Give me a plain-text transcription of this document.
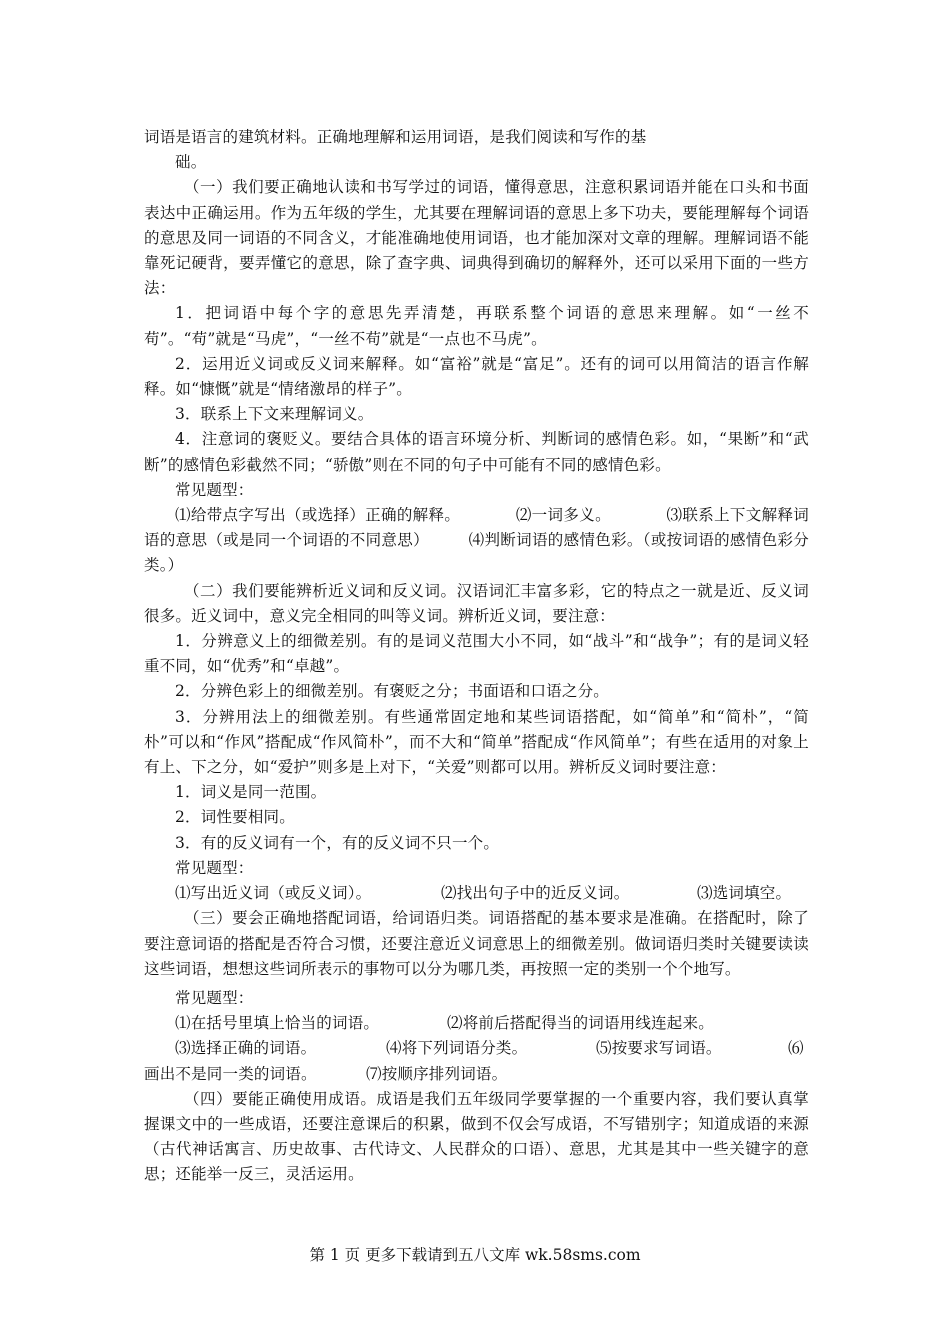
词语是语言的建筑材料。正确地理解和运用词语，是我们阅读和写作的基

础。

（一）我们要正确地认读和书写学过的词语，懂得意思，注意积累词语并能在口头和书面表达中正确运用。作为五年级的学生，尤其要在理解词语的意思上多下功夫，要能理解每个词语的意思及同一词语的不同含义，才能准确地使用词语，也才能加深对文章的理解。理解词语不能靠死记硬背，要弄懂它的意思，除了查字典、词典得到确切的解释外，还可以采用下面的一些方法：

1．把词语中每个字的意思先弄清楚，再联系整个词语的意思来理解。如“一丝不苟”。“苟”就是“马虎”，“一丝不苟”就是“一点也不马虎”。

2．运用近义词或反义词来解释。如“富裕”就是“富足”。还有的词可以用简洁的语言作解释。如“慷慨”就是“情绪激昂的样子”。

3．联系上下文来理解词义。

4．注意词的褒贬义。要结合具体的语言环境分析、判断词的感情色彩。如，“果断”和“武断”的感情色彩截然不同；“骄傲”则在不同的句子中可能有不同的感情色彩。

常见题型：

⑴给带点字写出（或选择）正确的解释。　　　　⑵一词多义。　　　　⑶联系上下文解释词语的意思（或是同一个词语的不同意思）　　　⑷判断词语的感情色彩。（或按词语的感情色彩分类。）

（二）我们要能辨析近义词和反义词。汉语词汇丰富多彩，它的特点之一就是近、反义词很多。近义词中，意义完全相同的叫等义词。辨析近义词，要注意：

1．分辨意义上的细微差别。有的是词义范围大小不同，如“战斗”和“战争”；有的是词义轻重不同，如“优秀”和“卓越”。

2．分辨色彩上的细微差别。有褒贬之分；书面语和口语之分。

3．分辨用法上的细微差别。有些通常固定地和某些词语搭配，如“简单”和“简朴”，“简朴”可以和“作风”搭配成“作风简朴”，而不大和“简单”搭配成“作风简单”；有些在适用的对象上有上、下之分，如“爱护”则多是上对下，“关爱”则都可以用。辨析反义词时要注意：

1．词义是同一范围。

2．词性要相同。

3．有的反义词有一个，有的反义词不只一个。

常见题型：

⑴写出近义词（或反义词）。	⑵找出句子中的近反义词。	⑶选词填空。

（三）要会正确地搭配词语，给词语归类。词语搭配的基本要求是准确。在搭配时，除了要注意词语的搭配是否符合习惯，还要注意近义词意思上的细微差别。做词语归类时关键要读读这些词语，想想这些词所表示的事物可以分为哪几类，再按照一定的类别一个个地写。

常见题型：

⑴在括号里填上恰当的词语。	⑵将前后搭配得当的词语用线连起来。
⑶选择正确的词语。	⑷将下列词语分类。	⑸按要求写词语。	⑹
画出不是同一类的词语。	⑺按顺序排列词语。

（四）要能正确使用成语。成语是我们五年级同学要掌握的一个重要内容，我们要认真掌握课文中的一些成语，还要注意课后的积累，做到不仅会写成语，不写错别字；知道成语的来源（古代神话寓言、历史故事、古代诗文、人民群众的口语）、意思，尤其是其中一些关键字的意思；还能举一反三，灵活运用。

第 1 页 更多下载请到五八文库 wk.58sms.com
